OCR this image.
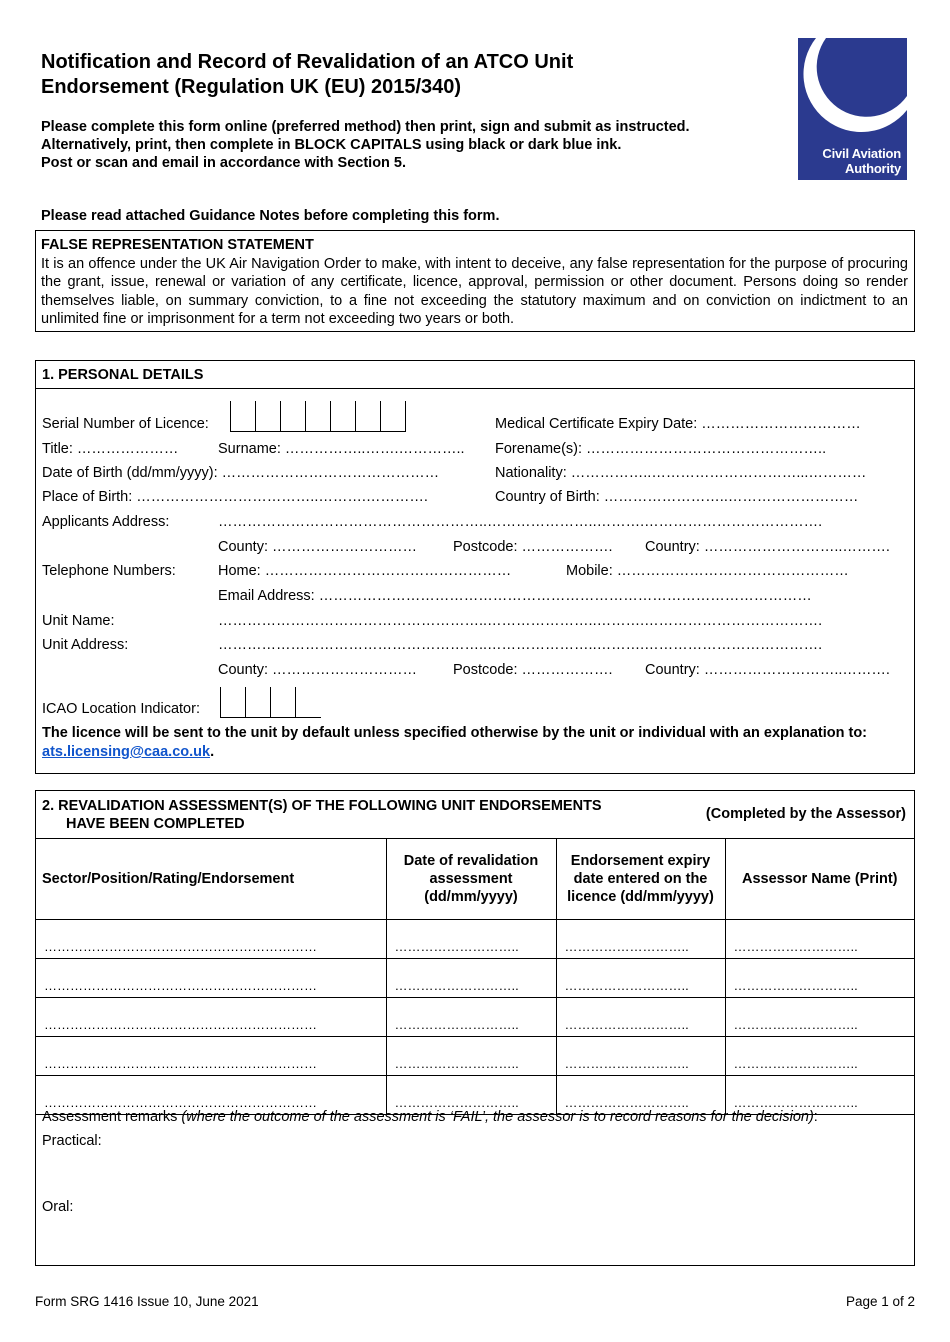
Notification and Record of Revalidation of an ATCO Unit
Endorsement (Regulation UK (EU) 2015/340)
Please complete this form online (preferred method) then print, sign and submit as instructed.
Alternatively, print, then complete in BLOCK CAPITALS using black or dark blue ink.
Post or scan and email in accordance with Section 5.
Civil Aviation
Authority
Please read attached Guidance Notes before completing this form.
FALSE REPRESENTATION STATEMENT
It is an offence under the UK Air Navigation Order to make, with intent to deceive, any false representation for the purpose of procuring the grant, issue, renewal or variation of any certificate, licence, approval, permission or other document. Persons doing so render themselves liable, on summary conviction, to a fine not exceeding the statutory maximum and on conviction on indictment to an unlimited fine or imprisonment for a term not exceeding two years or both.
1. PERSONAL DETAILS
Serial Number of Licence:	Medical Certificate Expiry Date: ……………………………
Title: …………………	Surname: ……………..…….………….. Forename(s): …………………………………………..
Date of Birth (dd/mm/yyyy): ………………………………………	Nationality: ……………..…………………………...…………
Place of Birth: ………………………………..……….………….	Country of Birth: ……………………..………………………
Applicants Address:	………………………………………………..…………………..……….……………………………….
County: ………………………… Postcode: ………………. Country: ………………………..……….
Telephone Numbers:	Home: ……………………………………………	Mobile: …………………………………………
Email Address: …………………………………………………………………………………………
Unit Name:	………………………………………………..…………………..……….……………………………….
Unit Address:	………………………………………………..…………………..……….……………………………….
County: ………………………… Postcode: ………………. Country: ………………………..……….
ICAO Location Indicator:
The licence will be sent to the unit by default unless specified otherwise by the unit or individual with an explanation to: ats.licensing@caa.co.uk.
2. REVALIDATION ASSESSMENT(S) OF THE FOLLOWING UNIT ENDORSEMENTS
HAVE BEEN COMPLETED
(Completed by the Assessor)
Sector/Position/Rating/Endorsement	Date of revalidation assessment (dd/mm/yyyy)	Endorsement expiry date entered on the licence (dd/mm/yyyy)	Assessor Name (Print)
………………………………………………………	………………………..	………………………..	………………………..
………………………………………………………	………………………..	………………………..	………………………..
………………………………………………………	………………………..	………………………..	………………………..
………………………………………………………	………………………..	………………………..	………………………..
………………………………………………………	………………………..	………………………..	………………………..
Assessment remarks (where the outcome of the assessment is ‘FAIL’, the assessor is to record reasons for the decision):
Practical:
Oral:
Form SRG 1416 Issue 10, June 2021	Page 1 of 2
